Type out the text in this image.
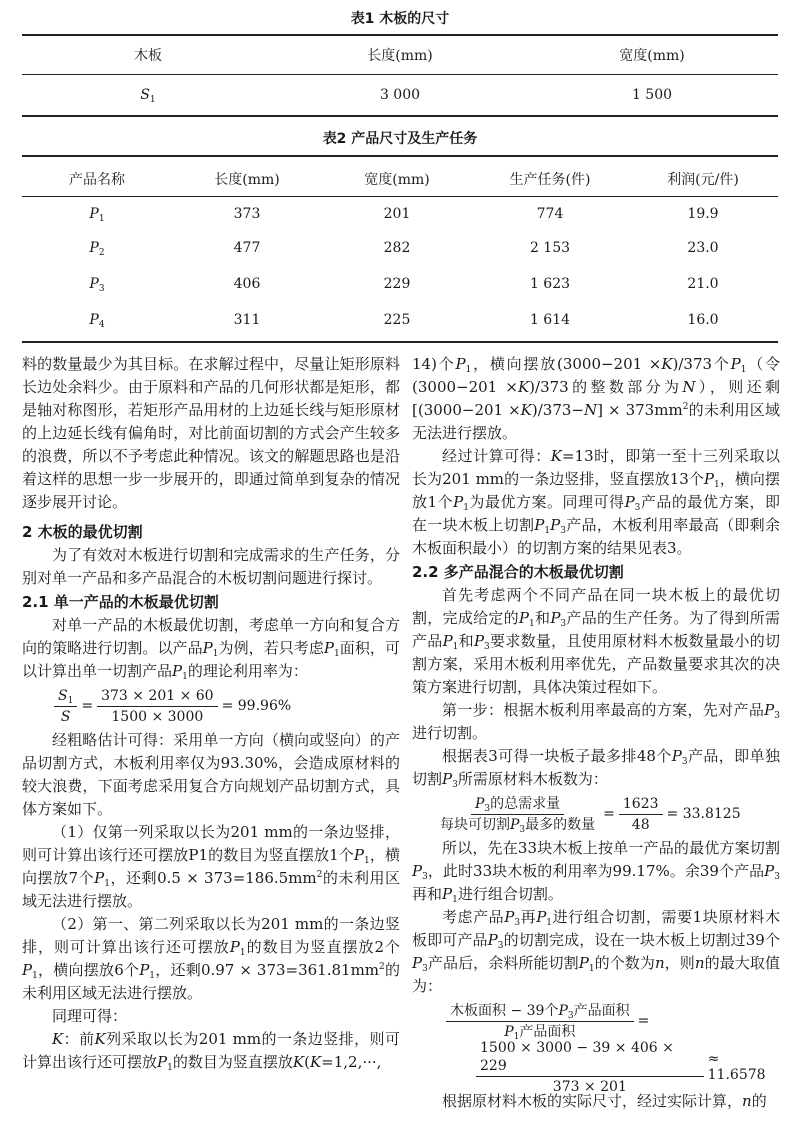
表1 木板的尺寸
木板	长度(mm)	宽度(mm)
$S_1$	3 000	1 500
表2 产品尺寸及生产任务
产品名称	长度(mm)	宽度(mm)	生产任务(件)	利润(元/件)
$P_1$	373	201	774	19.9
$P_2$	477	282	2 153	23.0
$P_3$	406	229	1 623	21.0
$P_4$	311	225	1 614	16.0

料的数量最少为其目标。在求解过程中，尽量让矩形原料长边处余料少。由于原料和产品的几何形状都是矩形，都是轴对称图形，若矩形产品用材的上边延长线与矩形原材的上边延长线有偏角时，对比前面切割的方式会产生较多的浪费，所以不予考虑此种情况。该文的解题思路也是沿着这样的思想一步一步展开的，即通过简单到复杂的情况逐步展开讨论。

2 木板的最优切割

为了有效对木板进行切割和完成需求的生产任务，分别对单一产品和多产品混合的木板切割问题进行探讨。

2.1 单一产品的木板最优切割

对单一产品的木板最优切割，考虑单一方向和复合方向的策略进行切割。以产品$P_1$为例，若只考虑$P_1$面积，可以计算出单一切割产品$P_1$的理论利用率为：

$\frac{S_1}{S} = \frac{373 \times 201 \times 60}{1500 \times 3000} = 99.96\%$

经粗略估计可得：采用单一方向（横向或竖向）的产品切割方式，木板利用率仅为93.30%，会造成原材料的较大浪费，下面考虑采用复合方向规划产品切割方式，具体方案如下。

（1）仅第一列采取以长为201 mm的一条边竖排，则可计算出该行还可摆放P1的数目为竖直摆放1个$P_1$，横向摆放7个$P_1$，还剩$0.5 \times 373=186.5mm^2$的未利用区域无法进行摆放。

（2）第一、第二列采取以长为201 mm的一条边竖排，则可计算出该行还可摆放$P_1$的数目为竖直摆放2个$P_1$，横向摆放6个$P_1$，还剩$0.97 \times 373=361.81mm^2$的未利用区域无法进行摆放。

同理可得：

K：前K列采取以长为201 mm的一条边竖排，则可计算出该行还可摆放$P_1$的数目为竖直摆放K(K=1,2,···,

14)个$P_1$，横向摆放(3000−201 ×K)/373个$P_1$（令(3000−201 ×K)/373的整数部分为N），则还剩$[(3000-201 \times K)/373-N] \times 373mm^2$的未利用区域无法进行摆放。

经过计算可得：K=13时，即第一至十三列采取以长为201 mm的一条边竖排，竖直摆放13个$P_1$，横向摆放1个$P_1$为最优方案。同理可得$P_3$产品的最优方案，即在一块木板上切割$P_1P_3$产品，木板利用率最高（即剩余木板面积最小）的切割方案的结果见表3。

2.2 多产品混合的木板最优切割

首先考虑两个不同产品在同一块木板上的最优切割，完成给定的$P_1$和$P_3$产品的生产任务。为了得到所需产品$P_1$和$P_3$要求数量，且使用原材料木板数量最小的切割方案，采用木板利用率优先，产品数量要求其次的决策方案进行切割，具体决策过程如下。

第一步：根据木板利用率最高的方案，先对产品$P_3$进行切割。

根据表3可得一块板子最多排48个$P_3$产品，即单独切割$P_3$所需原材料木板数为：

$\frac{P_3的总需求量}{每块可切割P_3最多的数量} = \frac{1623}{48} = 33.8125$

所以，先在33块木板上按单一产品的最优方案切割$P_3$，此时33块木板的利用率为99.17%。余39个产品$P_3$再和$P_1$进行组合切割。

考虑产品$P_3$再$P_1$进行组合切割，需要1块原材料木板即可产品$P_3$的切割完成，设在一块木板上切割过39个$P_3$产品后，余料所能切割$P_1$的个数为n，则n的最大取值为：

$\frac{木板面积 - 39个P_3产品面积}{P_1产品面积}$ =
$\frac{1500 \times 3000 - 39 \times 406 \times 229}{373 \times 201} \approx 11.6578$

根据原材料木板的实际尺寸，经过实际计算，n的
